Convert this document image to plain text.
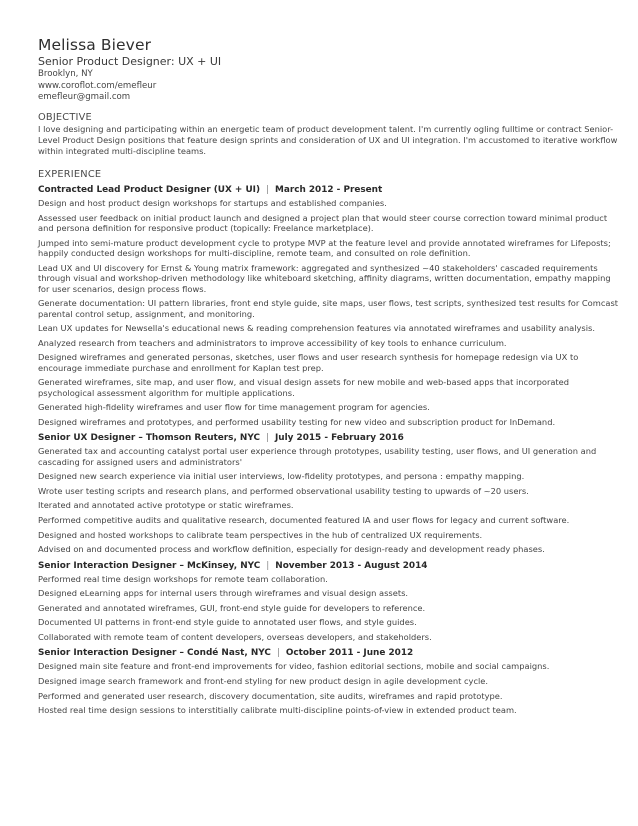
Melissa Biever
Senior Product Designer: UX + UI
Brooklyn, NY
www.coroflot.com/emefleur
emefleur@gmail.com
OBJECTIVE
I love designing and participating within an energetic team of product development talent. I'm currently ogling fulltime or contract Senior-Level Product Design positions that feature design sprints and consideration of UX and UI integration. I'm accustomed to iterative workflow within integrated multi-discipline teams.
EXPERIENCE
Contracted Lead Product Designer (UX + UI) | March 2012 - Present
Design and host product design workshops for startups and established companies.
Assessed user feedback on initial product launch and designed a project plan that would steer course correction toward minimal product and persona definition for responsive product (topically: Freelance marketplace).
Jumped into semi-mature product development cycle to protype MVP at the feature level and provide annotated wireframes for Lifeposts; happily conducted design workshops for multi-discipline, remote team, and consulted on role definition.
Lead UX and UI discovery for Ernst & Young matrix framework: aggregated and synthesized ~40 stakeholders' cascaded requirements through visual and workshop-driven methodology like whiteboard sketching, affinity diagrams, written documentation, empathy mapping for user scenarios, design process flows.
Generate documentation: UI pattern libraries, front end style guide, site maps, user flows, test scripts, synthesized test results for Comcast parental control setup, assignment, and monitoring.
Lean UX updates for Newsella's educational news & reading comprehension features via annotated wireframes and usability analysis.
Analyzed research from teachers and administrators to improve accessibility of key tools to enhance curriculum.
Designed wireframes and generated personas, sketches, user flows and user research synthesis for homepage redesign via UX to encourage immediate purchase and enrollment for Kaplan test prep.
Generated wireframes, site map, and user flow, and visual design assets for new mobile and web-based apps that incorporated psychological assessment algorithm for multiple applications.
Generated high-fidelity wireframes and user flow for time management program for agencies.
Designed wireframes and prototypes, and performed usability testing for new video and subscription product for InDemand.
Senior UX Designer – Thomson Reuters, NYC | July 2015 - February 2016
Generated tax and accounting catalyst portal user experience through prototypes, usability testing, user flows, and UI generation and cascading for assigned users and administrators'
Designed new search experience via initial user interviews, low-fidelity prototypes, and persona : empathy mapping.
Wrote user testing scripts and research plans, and performed observational usability testing to upwards of ~20 users.
Iterated and annotated active prototype or static wireframes.
Performed competitive audits and qualitative research, documented featured IA and user flows for legacy and current software.
Designed and hosted workshops to calibrate team perspectives in the hub of centralized UX requirements.
Advised on and documented process and workflow definition, especially for design-ready and development ready phases.
Senior Interaction Designer – McKinsey, NYC | November 2013 - August 2014
Performed real time design workshops for remote team collaboration.
Designed eLearning apps for internal users through wireframes and visual design assets.
Generated and annotated wireframes, GUI, front-end style guide for developers to reference.
Documented UI patterns in front-end style guide to annotated user flows, and style guides.
Collaborated with remote team of content developers, overseas developers, and stakeholders.
Senior Interaction Designer – Condé Nast, NYC | October 2011 - June 2012
Designed main site feature and front-end improvements for video, fashion editorial sections, mobile and social campaigns.
Designed image search framework and front-end styling for new product design in agile development cycle.
Performed and generated user research, discovery documentation, site audits, wireframes and rapid prototype.
Hosted real time design sessions to interstitially calibrate multi-discipline points-of-view in extended product team.
